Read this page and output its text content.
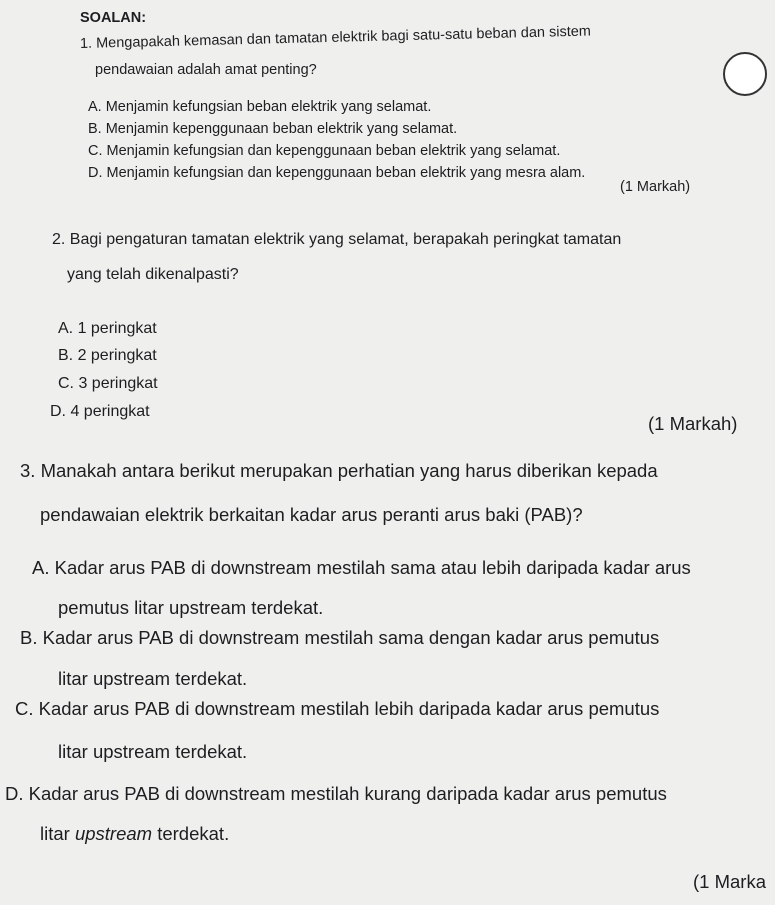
SOALAN:
1. Mengapakah kemasan dan tamatan elektrik bagi satu-satu beban dan sistem
pendawaian adalah amat penting?
A. Menjamin kefungsian beban elektrik yang selamat.
B. Menjamin kepenggunaan beban elektrik yang selamat.
C. Menjamin kefungsian dan kepenggunaan beban elektrik yang selamat.
D. Menjamin kefungsian dan kepenggunaan beban elektrik yang mesra alam.
(1 Markah)
2. Bagi pengaturan tamatan elektrik yang selamat, berapakah peringkat tamatan
yang telah dikenalpasti?
A. 1 peringkat
B. 2 peringkat
C. 3 peringkat
D. 4 peringkat
(1 Markah)
3. Manakah antara berikut merupakan perhatian yang harus diberikan kepada
pendawaian elektrik berkaitan kadar arus peranti arus baki (PAB)?
A. Kadar arus PAB di downstream mestilah sama atau lebih daripada kadar arus
pemutus litar upstream terdekat.
B. Kadar arus PAB di downstream mestilah sama dengan kadar arus pemutus
litar upstream terdekat.
C. Kadar arus PAB di downstream mestilah lebih daripada kadar arus pemutus
litar upstream terdekat.
D. Kadar arus PAB di downstream mestilah kurang daripada kadar arus pemutus
litar upstream terdekat.
(1 Marka
